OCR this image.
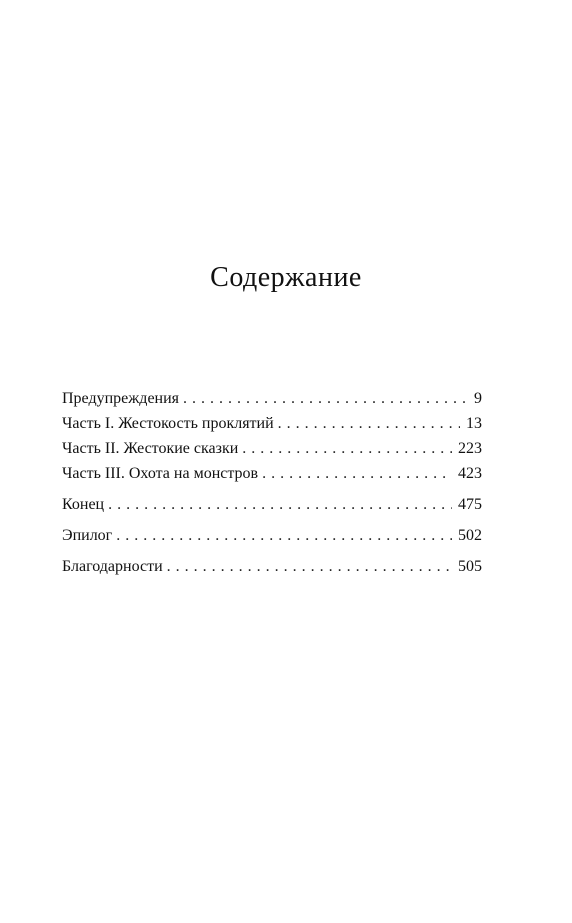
Содержание
Предупреждения . . .	9
Часть I. Жестокость проклятий . . .	13
Часть II. Жестокие сказки . . .	223
Часть III. Охота на монстров . . .	423
Конец . . .	475
Эпилог . . .	502
Благодарности . . .	505
